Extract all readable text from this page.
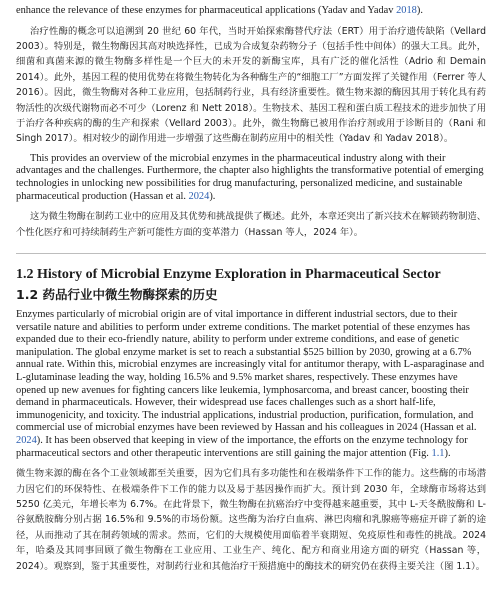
enhance the relevance of these enzymes for pharmaceutical applications (Yadav and Yadav 2018).

治疗性酶的概念可以追溯到 20 世纪 60 年代，当时开始探索酶替代疗法（ERT）用于治疗遗传缺陷（Vellard 2003）。特别是，微生物酶因其高对映选择性，已成为合成复杂药物分子（包括手性中间体）的强大工具。此外，细菌和真菌来源的微生物酶多样性是一个巨大的未开发的新酶宝库，具有广泛的催化活性（Adrio 和 Demain 2014）。此外，基因工程的使用优势在将微生物转化为各种酶生产的“细胞工厂”方面发挥了关键作用（Ferrer 等人 2016）。因此，微生物酶对各种工业应用，包括制药行业，具有经济重要性。微生物来源的酶因其用于转化具有药物活性的次级代谢物而必不可少（Lorenz 和 Nett 2018）。生物技术、基因工程和蛋白质工程技术的进步加快了用于治疗各种疾病的酶的生产和探索（Vellard 2003）。此外，微生物酶已被用作治疗剂或用于诊断目的（Rani 和 Singh 2017）。相对较少的副作用进一步增强了这些酶在制药应用中的相关性（Yadav 和 Yadav 2018）。

This provides an overview of the microbial enzymes in the pharmaceutical industry along with their advantages and the challenges. Furthermore, the chapter also highlights the transformative potential of emerging technologies in unlocking new possibilities for drug manufacturing, personalized medicine, and sustainable pharmaceutical production (Hassan et al. 2024).

这为微生物酶在制药工业中的应用及其优势和挑战提供了概述。此外，本章还突出了新兴技术在解锁药物制造、个性化医疗和可持续制药生产新可能性方面的变革潜力（Hassan 等人，2024 年）。

1.2 History of Microbial Enzyme Exploration in Pharmaceutical Sector
1.2 药品行业中微生物酶探索的历史

Enzymes particularly of microbial origin are of vital importance in different industrial sectors, due to their versatile nature and abilities to perform under extreme conditions. The market potential of these enzymes has expanded due to their eco-friendly nature, ability to perform under extreme conditions, and ease of genetic manipulation. The global enzyme market is set to reach a substantial $525 billion by 2030, growing at a 6.7% annual rate. Within this, microbial enzymes are increasingly vital for antitumor therapy, with L-asparaginase and L-glutaminase leading the way, holding 16.5% and 9.5% market shares, respectively. These enzymes have opened up new avenues for fighting cancers like leukemia, lymphosarcoma, and breast cancer, boosting their demand in pharmaceuticals. However, their widespread use faces challenges such as a short half-life, immunogenicity, and toxicity. The industrial applications, industrial production, purification, formulation, and commercial use of microbial enzymes have been reviewed by Hassan and his colleagues in 2024 (Hassan et al. 2024). It has been observed that keeping in view of the importance, the efforts on the enzyme technology for pharmaceutical sectors and other therapeutic interventions are still gaining the major attention (Fig. 1.1).

微生物来源的酶在各个工业领域都至关重要，因为它们具有多功能性和在极端条件下工作的能力。这些酶的市场潜力因它们的环保特性、在极端条件下工作的能力以及易于基因操作而扩大。预计到 2030 年，全球酶市场将达到 5250 亿美元，年增长率为 6.7%。在此背景下，微生物酶在抗癌治疗中变得越来越重要，其中 L-天冬酰胺酶和 L-谷氨酰胺酶分别占据 16.5%和 9.5%的市场份额。这些酶为治疗白血病、淋巴肉瘤和乳腺癌等癌症开辟了新的途径，从而推动了其在制药领域的需求。然而，它们的大规模使用面临着半衰期短、免疫原性和毒性的挑战。2024 年，哈桑及其同事回顾了微生物酶在工业应用、工业生产、纯化、配方和商业用途方面的研究（Hassan 等，2024）。观察到，鉴于其重要性，对制药行业和其他治疗干预措施中的酶技术的研究仍在获得主要关注（图 1.1）。
